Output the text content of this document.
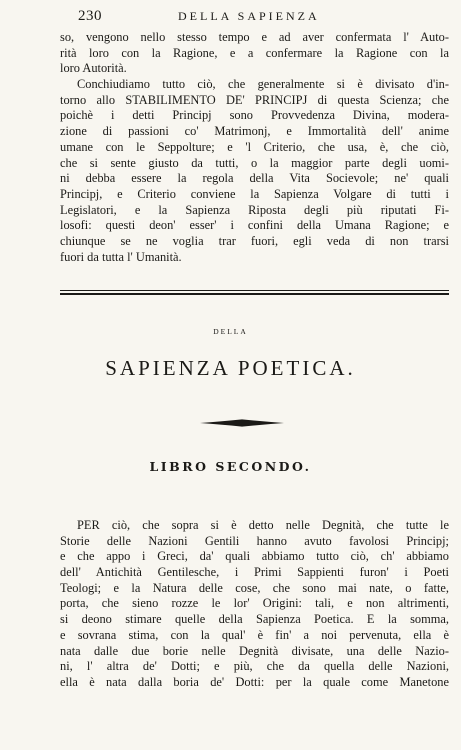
230	DELLA SAPIENZA
so, vengono nello stesso tempo e ad aver confermata l' Auto-
rità loro con la Ragione, e a confermare la Ragione con la
loro Autorità.
Conchiudiamo tutto ciò, che generalmente si è divisato d'in-
torno allo STABILIMENTO DE' PRINCIPJ di questa Scienza; che
poichè i detti Principj sono Provvedenza Divina, modera-
zione di passioni co' Matrimonj, e Immortalità dell' anime
umane con le Seppolture; e 'l Criterio, che usa, è, che ciò,
che si sente giusto da tutti, o la maggior parte degli uomi-
ni debba essere la regola della Vita Socievole; ne' quali
Principj, e Criterio conviene la Sapienza Volgare di tutti i
Legislatori, e la Sapienza Riposta degli più riputati Fi-
losofi: questi deon' esser' i confini della Umana Ragione; e
chiunque se ne voglia trar fuori, egli veda di non trarsi
fuori da tutta l' Umanità.
DELLA
SAPIENZA POETICA.
LIBRO SECONDO.
PER ciò, che sopra si è detto nelle Degnità, che tutte le
Storie delle Nazioni Gentili hanno avuto favolosi Principj;
e che appo i Greci, da' quali abbiamo tutto ciò, ch' abbiamo
dell' Antichità Gentilesche, i Primi Sappienti furon' i Poeti
Teologi; e la Natura delle cose, che sono mai nate, o fatte,
porta, che sieno rozze le lor' Origini: tali, e non altrimenti,
si deono stimare quelle della Sapienza Poetica. E la somma,
e sovrana stima, con la qual' è fin' a noi pervenuta, ella è
nata dalle due borie nelle Degnità divisate, una delle Nazio-
ni, l' altra de' Dotti; e più, che da quella delle Nazioni,
ella è nata dalla boria de' Dotti: per la quale come Manetone
